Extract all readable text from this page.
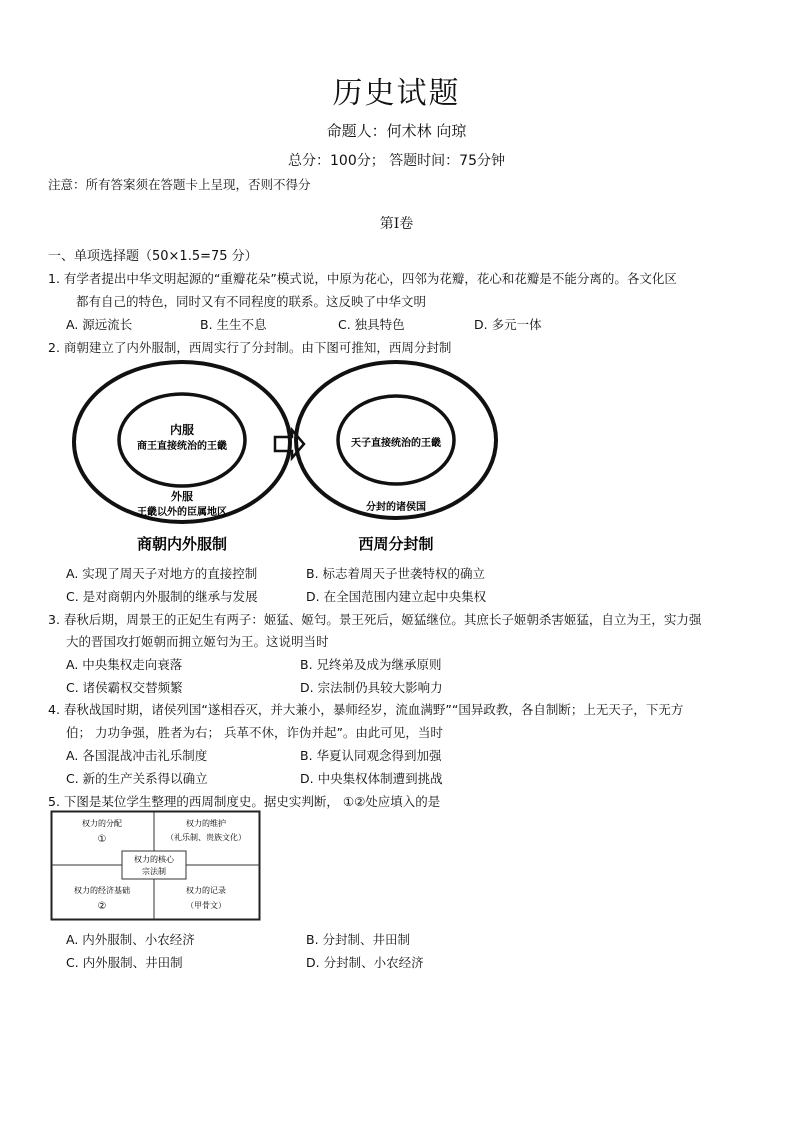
历史试题
命题人：何术林 向琼
总分：100分； 答题时间：75分钟
注意：所有答案须在答题卡上呈现，否则不得分
第Ⅰ卷
一、单项选择题（50×1.5=75 分）
1. 有学者提出中华文明起源的“重瓣花朵”模式说，中原为花心，四邻为花瓣，花心和花瓣是不能分离的。各文化区
都有自己的特色，同时又有不同程度的联系。这反映了中华文明
A. 源远流长	B. 生生不息	C. 独具特色	D. 多元一体
2. 商朝建立了内外服制，西周实行了分封制。由下图可推知，西周分封制
内服
商王直接统治的王畿
外服
王畿以外的臣属地区
商朝内外服制
天子直接统治的王畿
分封的诸侯国
西周分封制
A. 实现了周天子对地方的直接控制	B. 标志着周天子世袭特权的确立
C. 是对商朝内外服制的继承与发展	D. 在全国范围内建立起中央集权
3. 春秋后期，周景王的正妃生有两子：姬猛、姬匄。景王死后，姬猛继位。其庶长子姬朝杀害姬猛，自立为王，实力强
大的晋国攻打姬朝而拥立姬匄为王。这说明当时
A. 中央集权走向衰落	B. 兄终弟及成为继承原则
C. 诸侯霸权交替频繁	D. 宗法制仍具较大影响力
4. 春秋战国时期，诸侯列国“遂相吞灭，并大兼小，暴师经岁，流血满野”“国异政教，各自制断；上无天子，下无方
伯； 力功争强，胜者为右； 兵革不休，诈伪并起”。由此可见，当时
A. 各国混战冲击礼乐制度	B. 华夏认同观念得到加强
C. 新的生产关系得以确立	D. 中央集权体制遭到挑战
5. 下图是某位学生整理的西周制度史。据史实判断， ①②处应填入的是
权力的分配
①
权力的维护
（礼乐制、贵族文化）
权力的核心
宗法制
权力的经济基础
②
权力的记录
（甲骨文）
A. 内外服制、小农经济	B. 分封制、井田制
C. 内外服制、井田制	D. 分封制、小农经济
